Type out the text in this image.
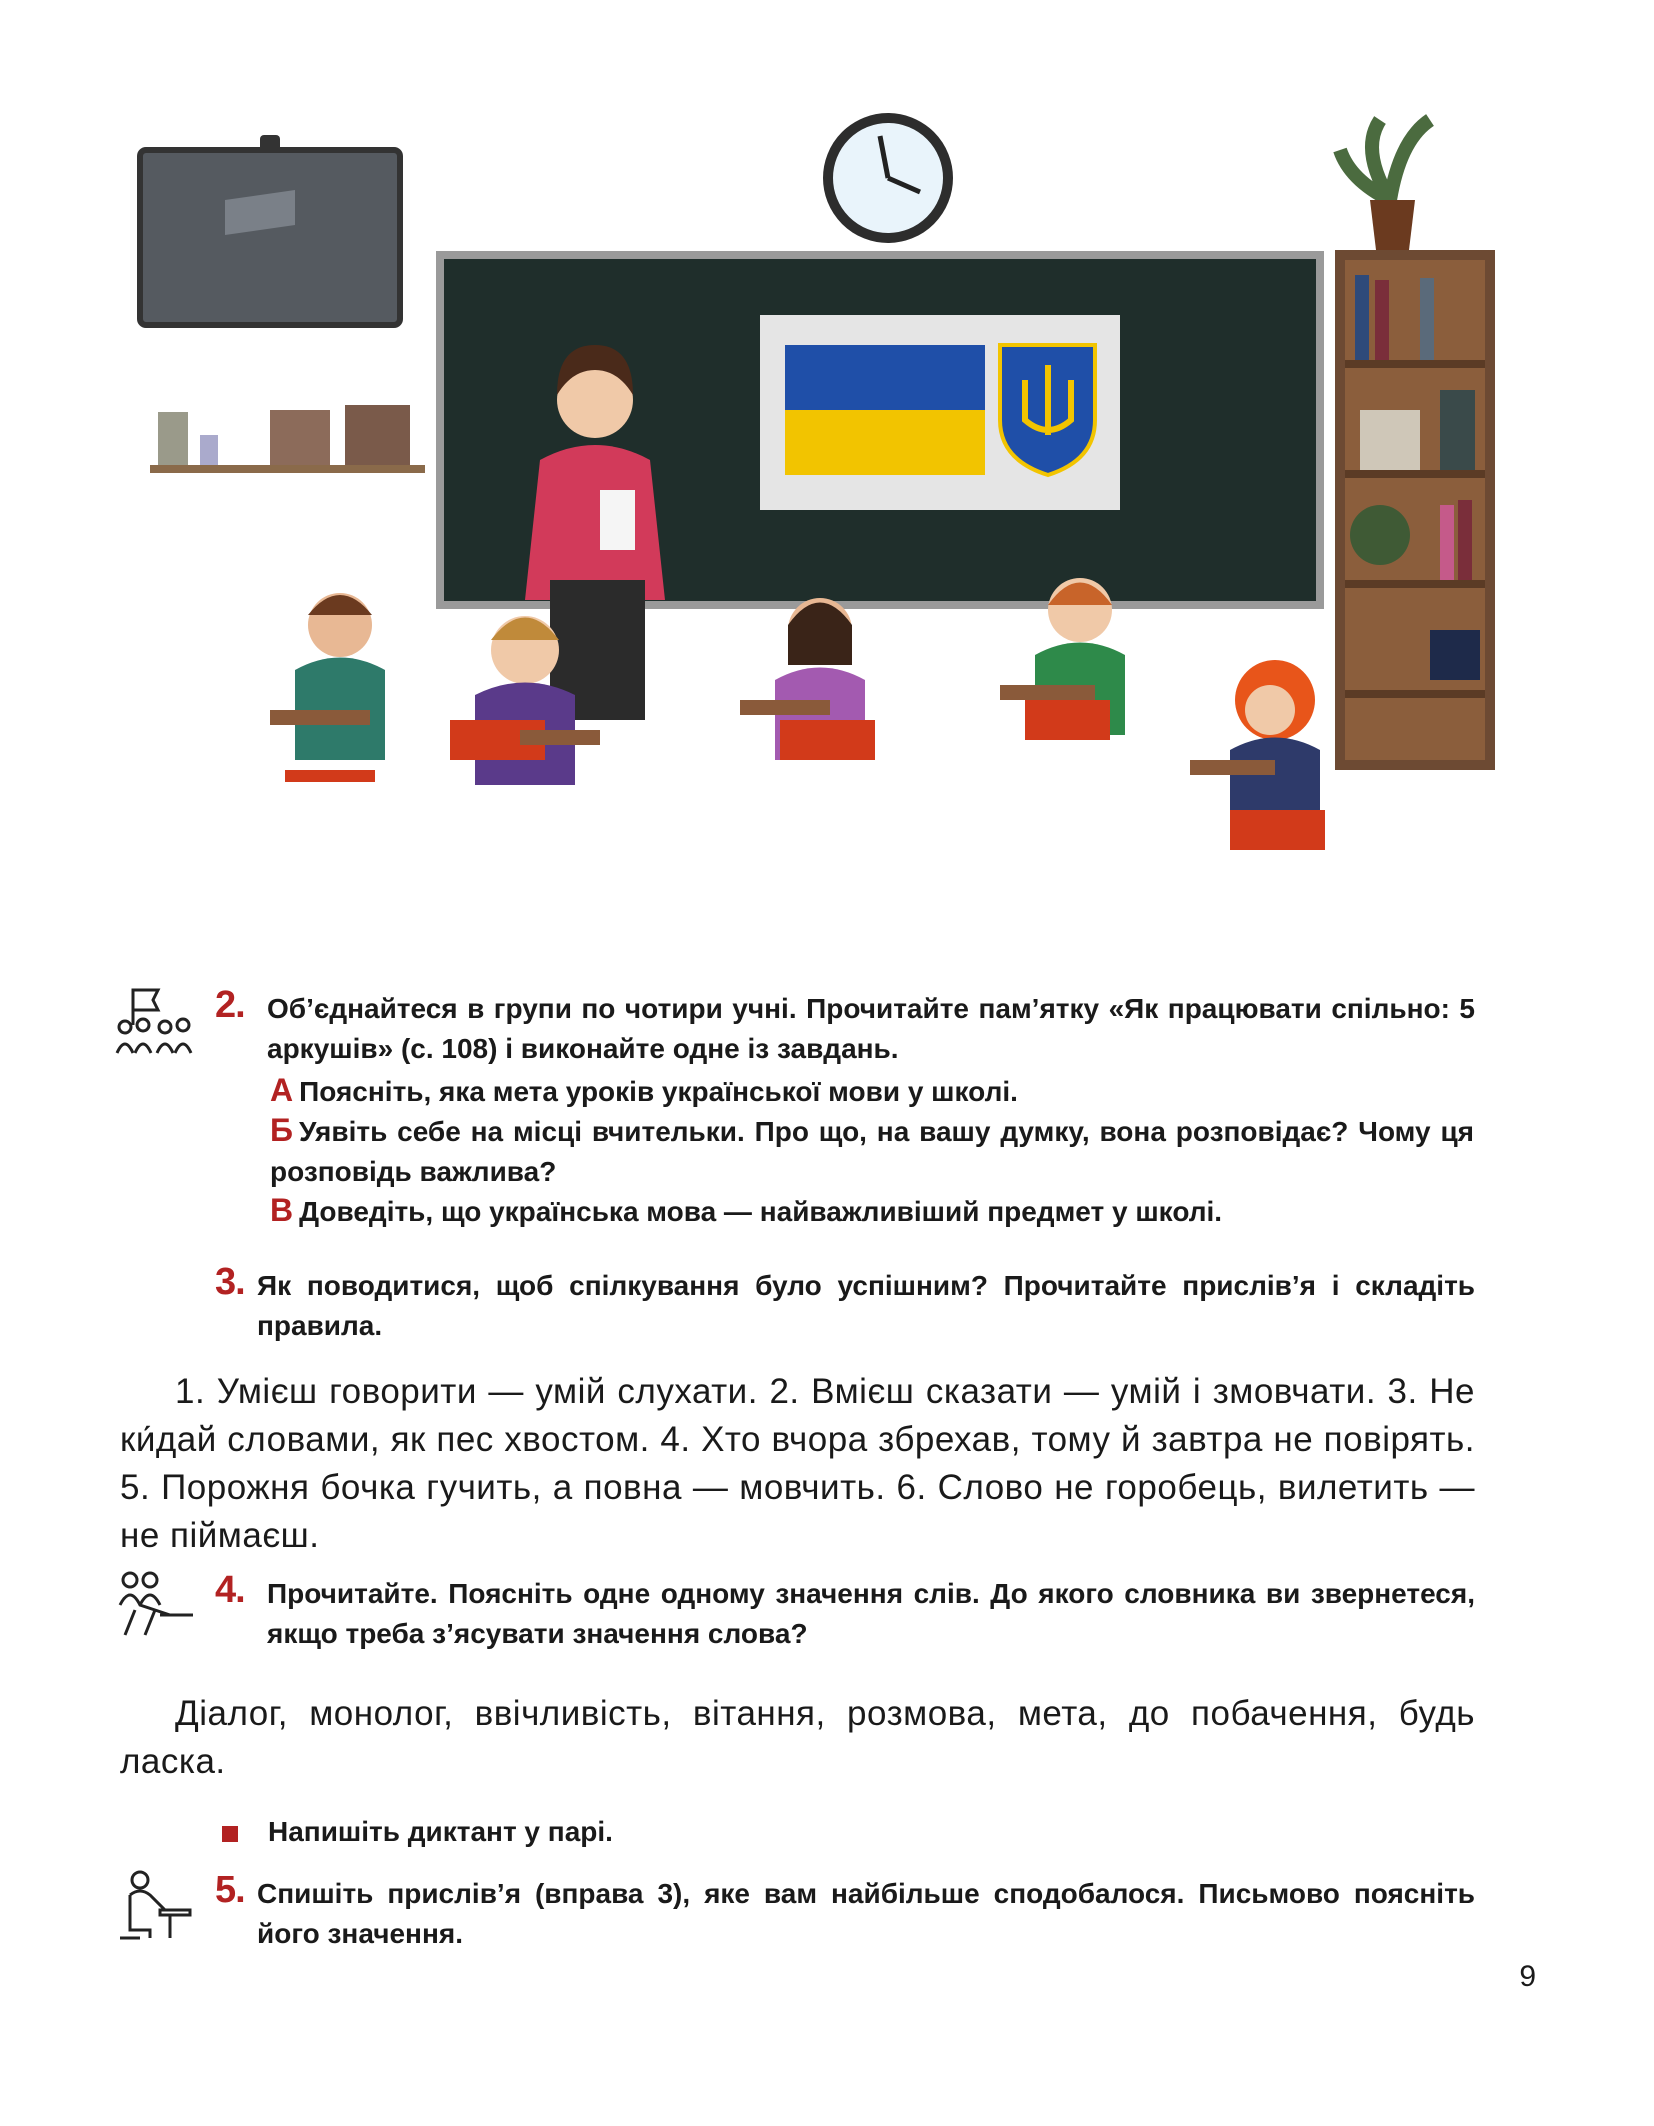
2. Об’єднайтеся в групи по чотири учні. Прочитайте пам’ятку «Як працювати спільно: 5 аркушів» (с. 108) і виконайте одне із завдань.
А Поясніть, яка мета уроків української мови у школі.
Б Уявіть себе на місці вчительки. Про що, на вашу думку, вона розповідає? Чому ця розповідь важлива?
В Доведіть, що українська мова — найважливіший предмет у школі.
3. Як поводитися, щоб спілкування було успішним? Прочитайте прислів’я і складіть правила.
1. Умієш говорити — умій слухати. 2. Вмієш сказати — умій і змовчати. 3. Не ки́дай словами, як пес хвостом. 4. Хто вчора збрехав, тому й завтра не повірять. 5. Порожня бочка гучить, а повна — мовчить. 6. Слово не горобець, вилетить — не піймаєш.
4. Прочитайте. Поясніть одне одному значення слів. До якого словника ви звернетеся, якщо треба з’ясувати значення слова?
Діалог, монолог, ввічливість, вітання, розмова, мета, до побачення, будь ласка.
Напишіть диктант у парі.
5. Спишіть прислів’я (вправа 3), яке вам найбільше сподобалося. Письмово поясніть його значення.
9
